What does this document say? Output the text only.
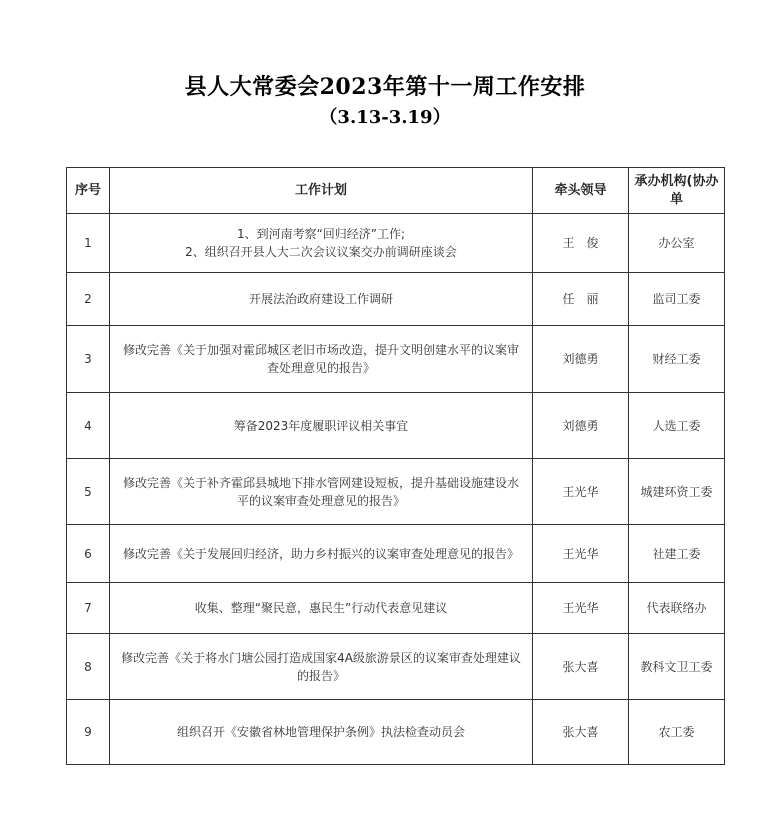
县人大常委会2023年第十一周工作安排
（3.13-3.19）
序号	工作计划	牵头领导	承办机构(协办单
1	1、到河南考察“回归经济”工作;
2、组织召开县人大二次会议议案交办前调研座谈会	王　俊	办公室
2	开展法治政府建设工作调研	任　丽	监司工委
3	修改完善《关于加强对霍邱城区老旧市场改造，提升文明创建水平的议案审
查处理意见的报告》	刘德勇	财经工委
4	筹备2023年度履职评议相关事宜	刘德勇	人选工委
5	修改完善《关于补齐霍邱县城地下排水管网建设短板，提升基础设施建设水
平的议案审查处理意见的报告》	王光华	城建环资工委
6	修改完善《关于发展回归经济，助力乡村振兴的议案审查处理意见的报告》	王光华	社建工委
7	收集、整理“聚民意，惠民生”行动代表意见建议	王光华	代表联络办
8	修改完善《关于将水门塘公园打造成国家4A级旅游景区的议案审查处理建议
的报告》	张大喜	教科文卫工委
9	组织召开《安徽省林地管理保护条例》执法检查动员会	张大喜	农工委
